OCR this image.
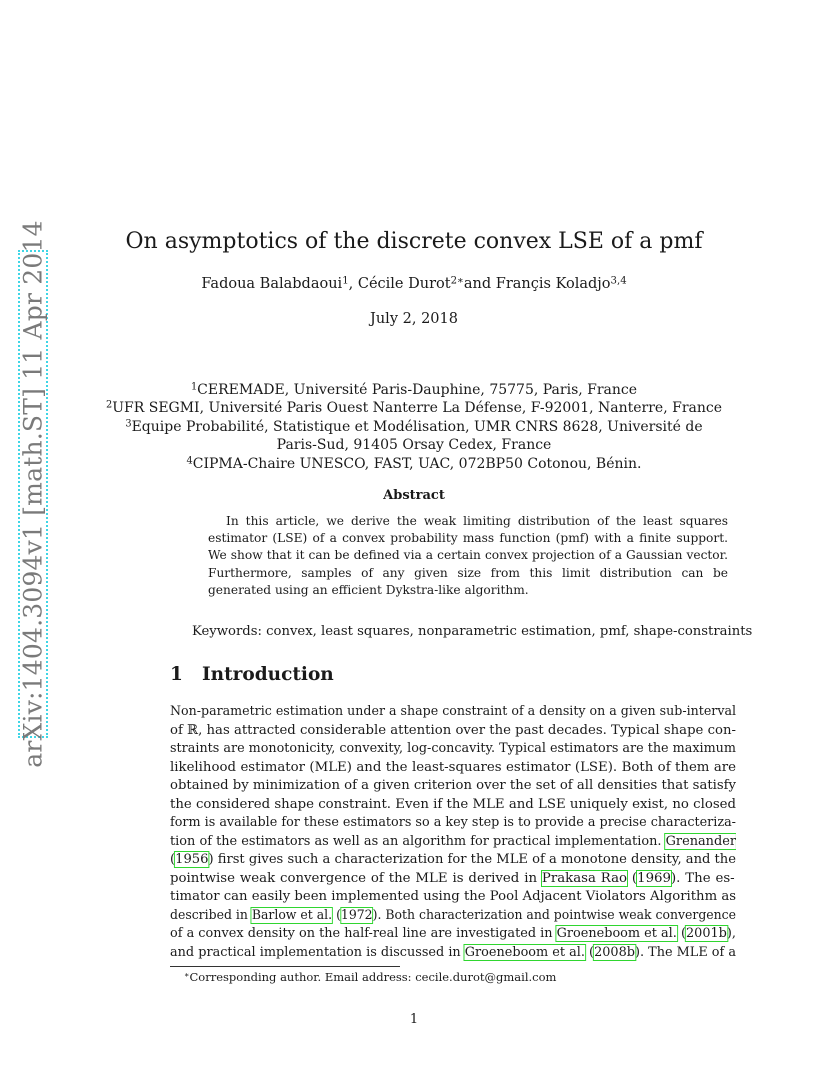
arXiv:1404.3094v1 [math.ST] 11 Apr 2014	On asymptotics of the discrete convex LSE of a pmf
Fadoua Balabdaoui$^1$, Cécile Durot$^{2∗}$and Françis Koladjo$^{3,4}$
July 2, 2018
$^1$CEREMADE, Université Paris-Dauphine, 75775, Paris, France
$^2$UFR SEGMI, Université Paris Ouest Nanterre La Défense, F-92001, Nanterre, France
$^3$Equipe Probabilité, Statistique et Modélisation, UMR CNRS 8628, Université de
Paris-Sud, 91405 Orsay Cedex, France
$^4$CIPMA-Chaire UNESCO, FAST, UAC, 072BP50 Cotonou, Bénin.
Abstract
In this article, we derive the weak limiting distribution of the least squares estimator (LSE) of a convex probability mass function (pmf) with a finite support. We show that it can be defined via a certain convex projection of a Gaussian vector. Furthermore, samples of any given size from this limit distribution can be generated using an efficient Dykstra-like algorithm.
Keywords: convex, least squares, nonparametric estimation, pmf, shape-constraints
1 Introduction
Non-parametric estimation under a shape constraint of a density on a given sub-interval
of ℝ, has attracted considerable attention over the past decades. Typical shape con-
straints are monotonicity, convexity, log-concavity. Typical estimators are the maximum
likelihood estimator (MLE) and the least-squares estimator (LSE). Both of them are
obtained by minimization of a given criterion over the set of all densities that satisfy
the considered shape constraint. Even if the MLE and LSE uniquely exist, no closed
form is available for these estimators so a key step is to provide a precise characteriza-
tion of the estimators as well as an algorithm for practical implementation. Grenander
(1956) first gives such a characterization for the MLE of a monotone density, and the
pointwise weak convergence of the MLE is derived in Prakasa Rao (1969). The es-
timator can easily been implemented using the Pool Adjacent Violators Algorithm as
described in Barlow et al. (1972). Both characterization and pointwise weak convergence
of a convex density on the half-real line are investigated in Groeneboom et al. (2001b),
and practical implementation is discussed in Groeneboom et al. (2008b). The MLE of a
∗Corresponding author. Email address: cecile.durot@gmail.com
1
